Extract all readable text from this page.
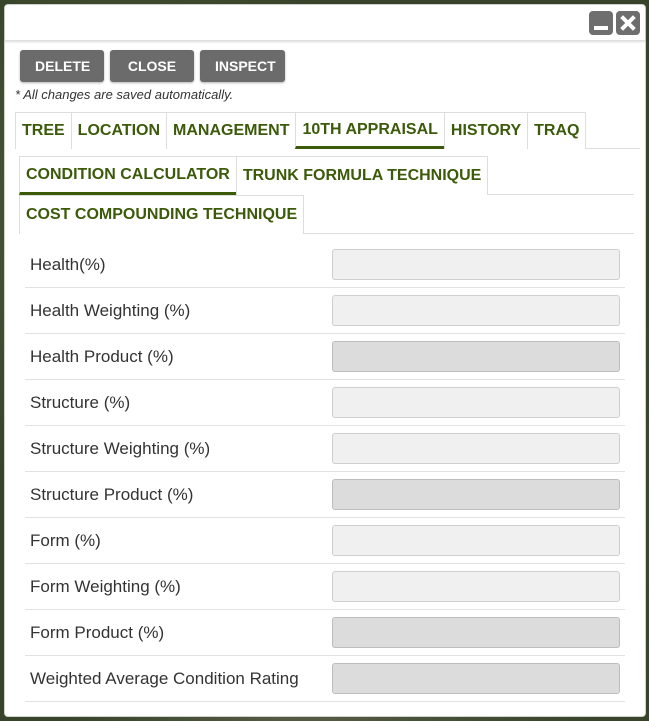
DELETE	CLOSE	INSPECT
* All changes are saved automatically.
TREE LOCATION MANAGEMENT 10TH APPRAISAL HISTORY TRAQ
CONDITION CALCULATOR TRUNK FORMULA TECHNIQUE
COST COMPOUNDING TECHNIQUE
Health(%)
Health Weighting (%)
Health Product (%)
Structure (%)
Structure Weighting (%)
Structure Product (%)
Form (%)
Form Weighting (%)
Form Product (%)
Weighted Average Condition Rating
